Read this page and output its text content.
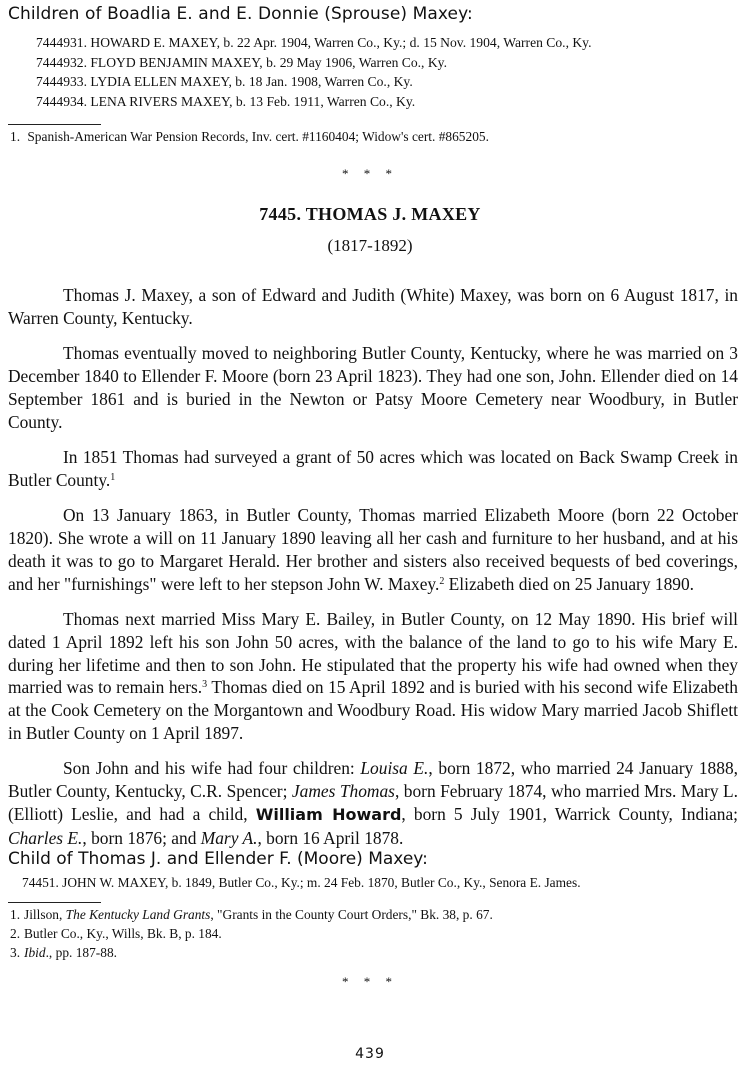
Children of Boadlia E. and E. Donnie (Sprouse) Maxey:
7444931. HOWARD E. MAXEY, b. 22 Apr. 1904, Warren Co., Ky.; d. 15 Nov. 1904, Warren Co., Ky.
7444932. FLOYD BENJAMIN MAXEY, b. 29 May 1906, Warren Co., Ky.
7444933. LYDIA ELLEN MAXEY, b. 18 Jan. 1908, Warren Co., Ky.
7444934. LENA RIVERS MAXEY, b. 13 Feb. 1911, Warren Co., Ky.
1. Spanish-American War Pension Records, Inv. cert. #1160404; Widow's cert. #865205.
* * *
7445. THOMAS J. MAXEY
(1817-1892)

Thomas J. Maxey, a son of Edward and Judith (White) Maxey, was born on 6 August 1817, in Warren County, Kentucky.

Thomas eventually moved to neighboring Butler County, Kentucky, where he was married on 3 December 1840 to Ellender F. Moore (born 23 April 1823). They had one son, John. Ellender died on 14 September 1861 and is buried in the Newton or Patsy Moore Cemetery near Woodbury, in Butler County.

In 1851 Thomas had surveyed a grant of 50 acres which was located on Back Swamp Creek in Butler County.$^1$

On 13 January 1863, in Butler County, Thomas married Elizabeth Moore (born 22 October 1820). She wrote a will on 11 January 1890 leaving all her cash and furniture to her husband, and at his death it was to go to Margaret Herald. Her brother and sisters also received bequests of bed coverings, and her "furnishings" were left to her stepson John W. Maxey.$^2$ Elizabeth died on 25 January 1890.

Thomas next married Miss Mary E. Bailey, in Butler County, on 12 May 1890. His brief will dated 1 April 1892 left his son John 50 acres, with the balance of the land to go to his wife Mary E. during her lifetime and then to son John. He stipulated that the property his wife had owned when they married was to remain hers.$^3$ Thomas died on 15 April 1892 and is buried with his second wife Elizabeth at the Cook Cemetery on the Morgantown and Woodbury Road. His widow Mary married Jacob Shiflett in Butler County on 1 April 1897.

Son John and his wife had four children: Louisa E., born 1872, who married 24 January 1888, Butler County, Kentucky, C.R. Spencer; James Thomas, born February 1874, who married Mrs. Mary L. (Elliott) Leslie, and had a child, William Howard, born 5 July 1901, Warrick County, Indiana; Charles E., born 1876; and Mary A., born 16 April 1878.

Child of Thomas J. and Ellender F. (Moore) Maxey:
74451. JOHN W. MAXEY, b. 1849, Butler Co., Ky.; m. 24 Feb. 1870, Butler Co., Ky., Senora E. James.
1. Jillson, The Kentucky Land Grants, "Grants in the County Court Orders," Bk. 38, p. 67.
2. Butler Co., Ky., Wills, Bk. B, p. 184.
3. Ibid., pp. 187-88.
* * *
439
